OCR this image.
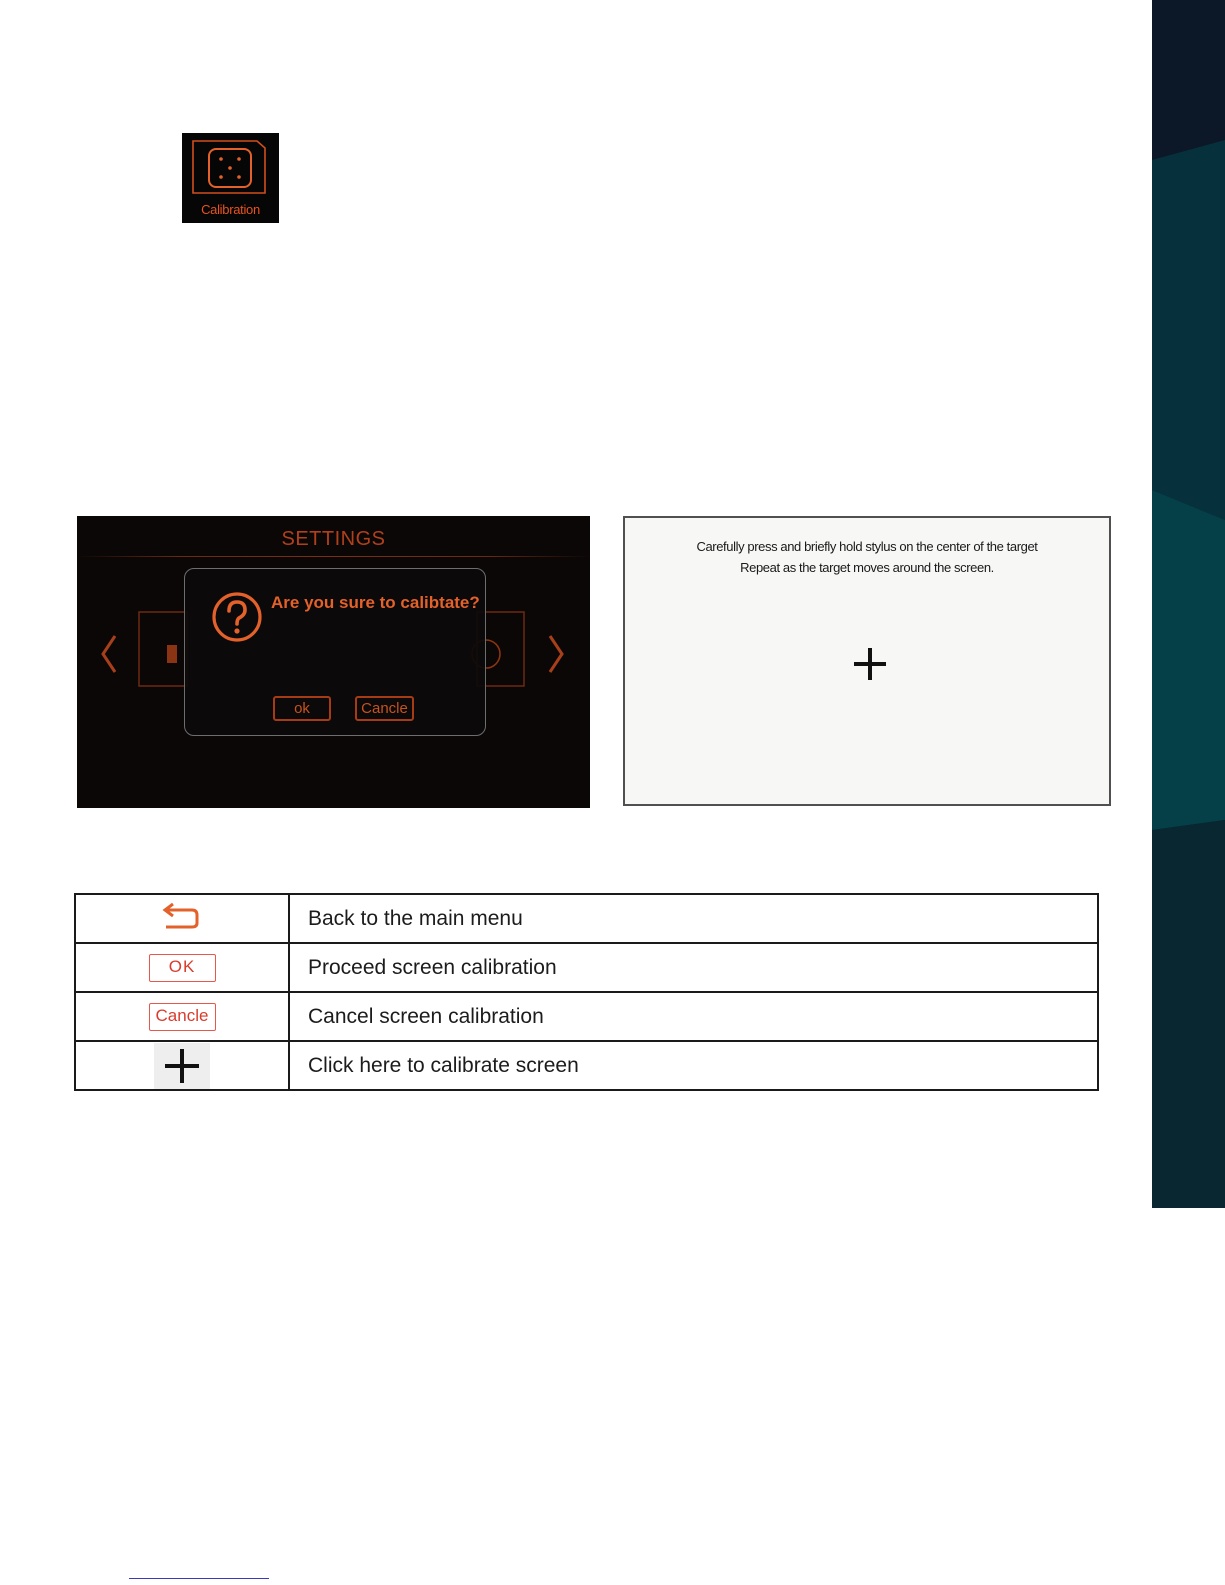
Calibration
SETTINGS
Are you sure to calibtate?
ok	Cancle
Carefully press and briefly hold stylus on the center of the target
Repeat as the target moves around the screen.
	Back to the main menu
OK	Proceed screen calibration
Cancle	Cancel screen calibration

	Click here to calibrate screen
